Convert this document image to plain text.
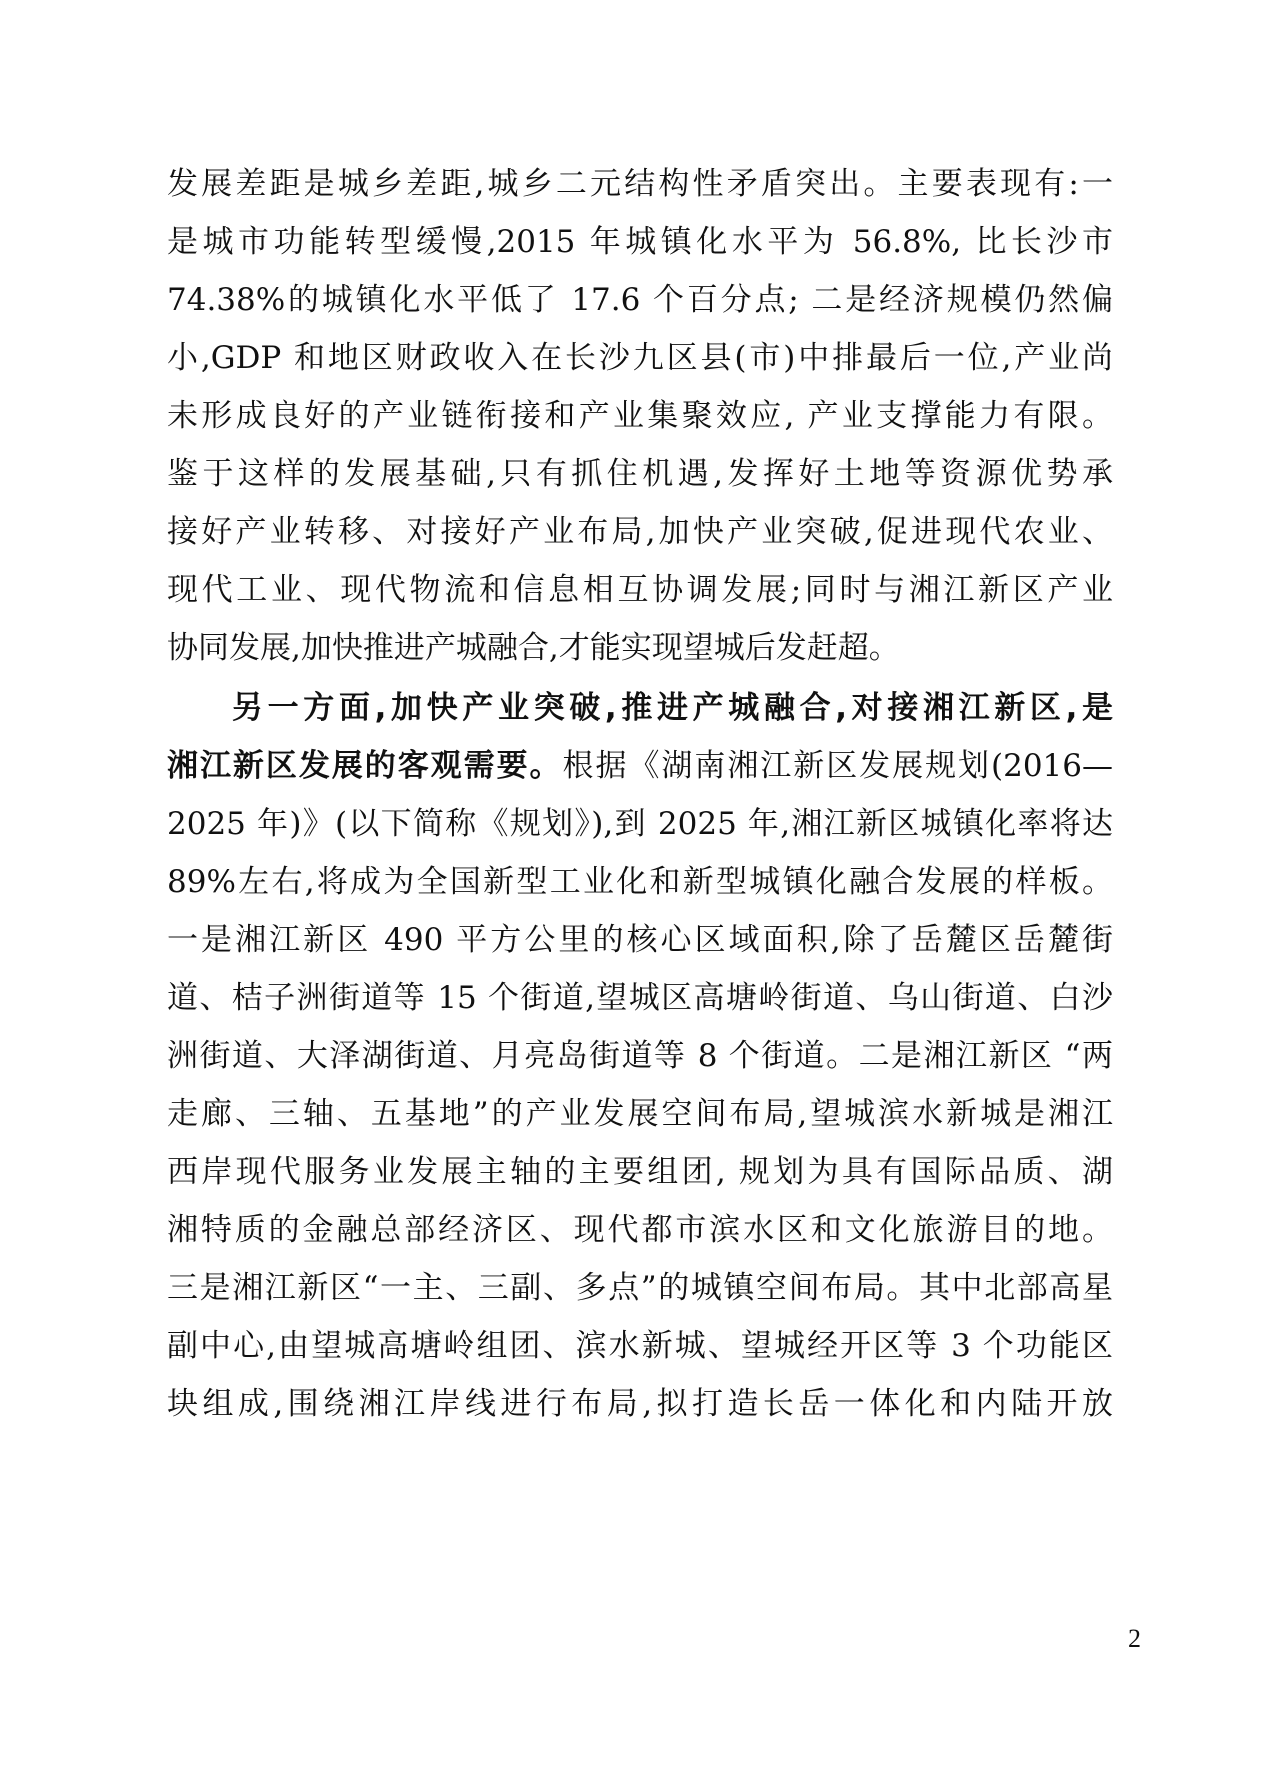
发展差距是城乡差距,城乡二元结构性矛盾突出。主要表现有:一

是城市功能转型缓慢,2015 年城镇化水平为 56.8%, 比长沙市

74.38%的城镇化水平低了 17.6 个百分点; 二是经济规模仍然偏

小,GDP 和地区财政收入在长沙九区县(市)中排最后一位,产业尚

未形成良好的产业链衔接和产业集聚效应, 产业支撑能力有限。

鉴于这样的发展基础,只有抓住机遇,发挥好土地等资源优势承

接好产业转移、对接好产业布局,加快产业突破,促进现代农业、

现代工业、现代物流和信息相互协调发展;同时与湘江新区产业

协同发展,加快推进产城融合,才能实现望城后发赶超。

另一方面,加快产业突破,推进产城融合,对接湘江新区,是

湘江新区发展的客观需要。根据《湖南湘江新区发展规划(2016—

2025 年)》(以下简称《规划》),到 2025 年,湘江新区城镇化率将达

89%左右,将成为全国新型工业化和新型城镇化融合发展的样板。

一是湘江新区 490 平方公里的核心区域面积,除了岳麓区岳麓街

道、桔子洲街道等 15 个街道,望城区高塘岭街道、乌山街道、白沙

洲街道、大泽湖街道、月亮岛街道等 8 个街道。二是湘江新区 “两

走廊、三轴、五基地”的产业发展空间布局,望城滨水新城是湘江

西岸现代服务业发展主轴的主要组团, 规划为具有国际品质、湖

湘特质的金融总部经济区、现代都市滨水区和文化旅游目的地。

三是湘江新区“一主、三副、多点”的城镇空间布局。其中北部高星

副中心,由望城高塘岭组团、滨水新城、望城经开区等 3 个功能区

块组成,围绕湘江岸线进行布局,拟打造长岳一体化和内陆开放

2
